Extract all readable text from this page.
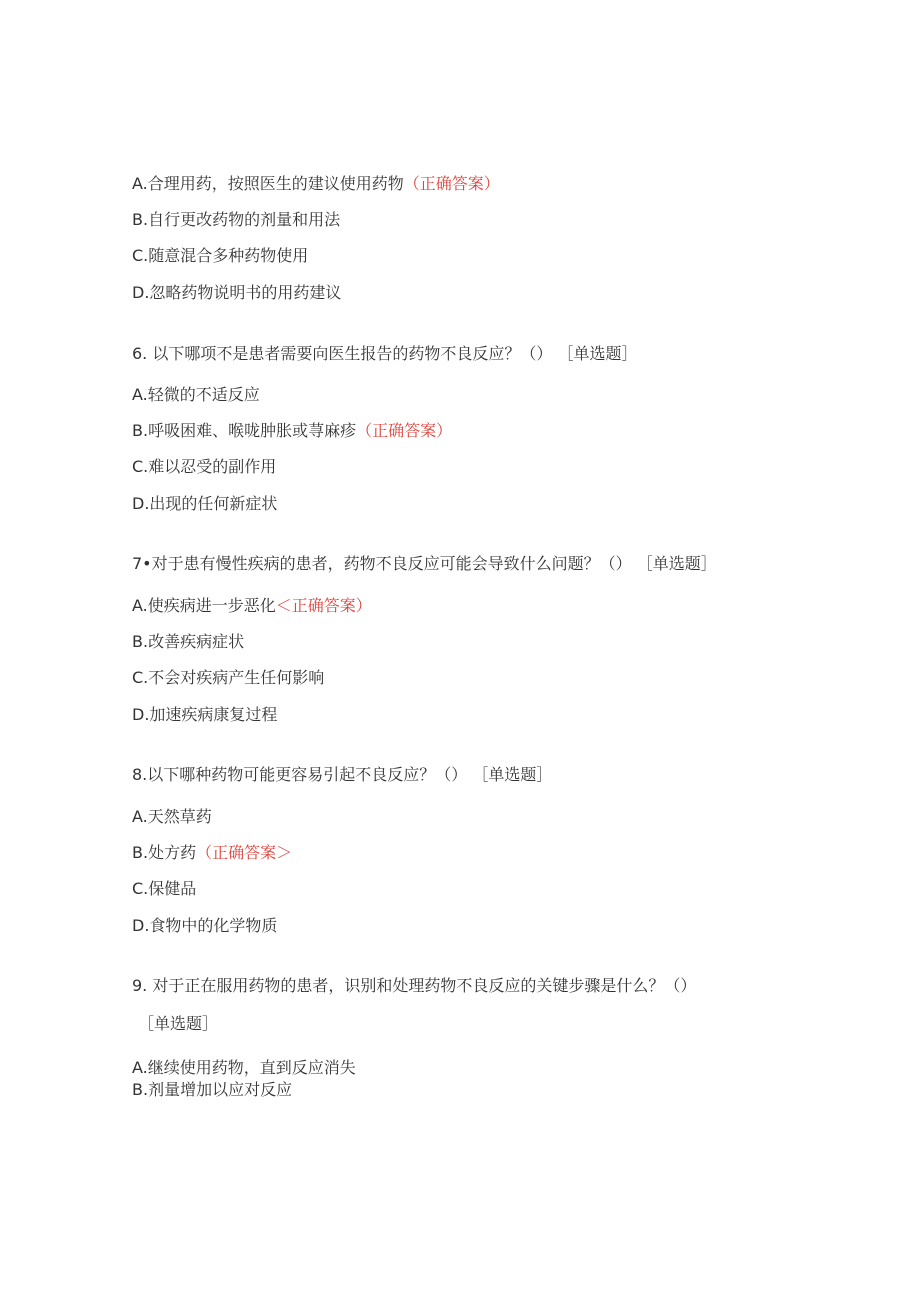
A.合理用药，按照医生的建议使用药物（正确答案）
B.自行更改药物的剂量和用法
C.随意混合多种药物使用
D.忽略药物说明书的用药建议
6. 以下哪项不是患者需要向医生报告的药物不良反应？（） ［单选题］
A.轻微的不适反应
B.呼吸困难、喉咙肿胀或荨麻疹（正确答案）
C.难以忍受的副作用
D.出现的任何新症状
7•对于患有慢性疾病的患者，药物不良反应可能会导致什么问题？（） ［单选题］
A.使疾病进一步恶化＜正确答案）
B.改善疾病症状
C.不会对疾病产生任何影响
D.加速疾病康复过程
8.以下哪种药物可能更容易引起不良反应？（） ［单选题］
A.天然草药
B.处方药（正确答案＞
C.保健品
D.食物中的化学物质
9. 对于正在服用药物的患者，识别和处理药物不良反应的关键步骤是什么？（）
［单选题］
A.继续使用药物，直到反应消失
B.剂量增加以应对反应
